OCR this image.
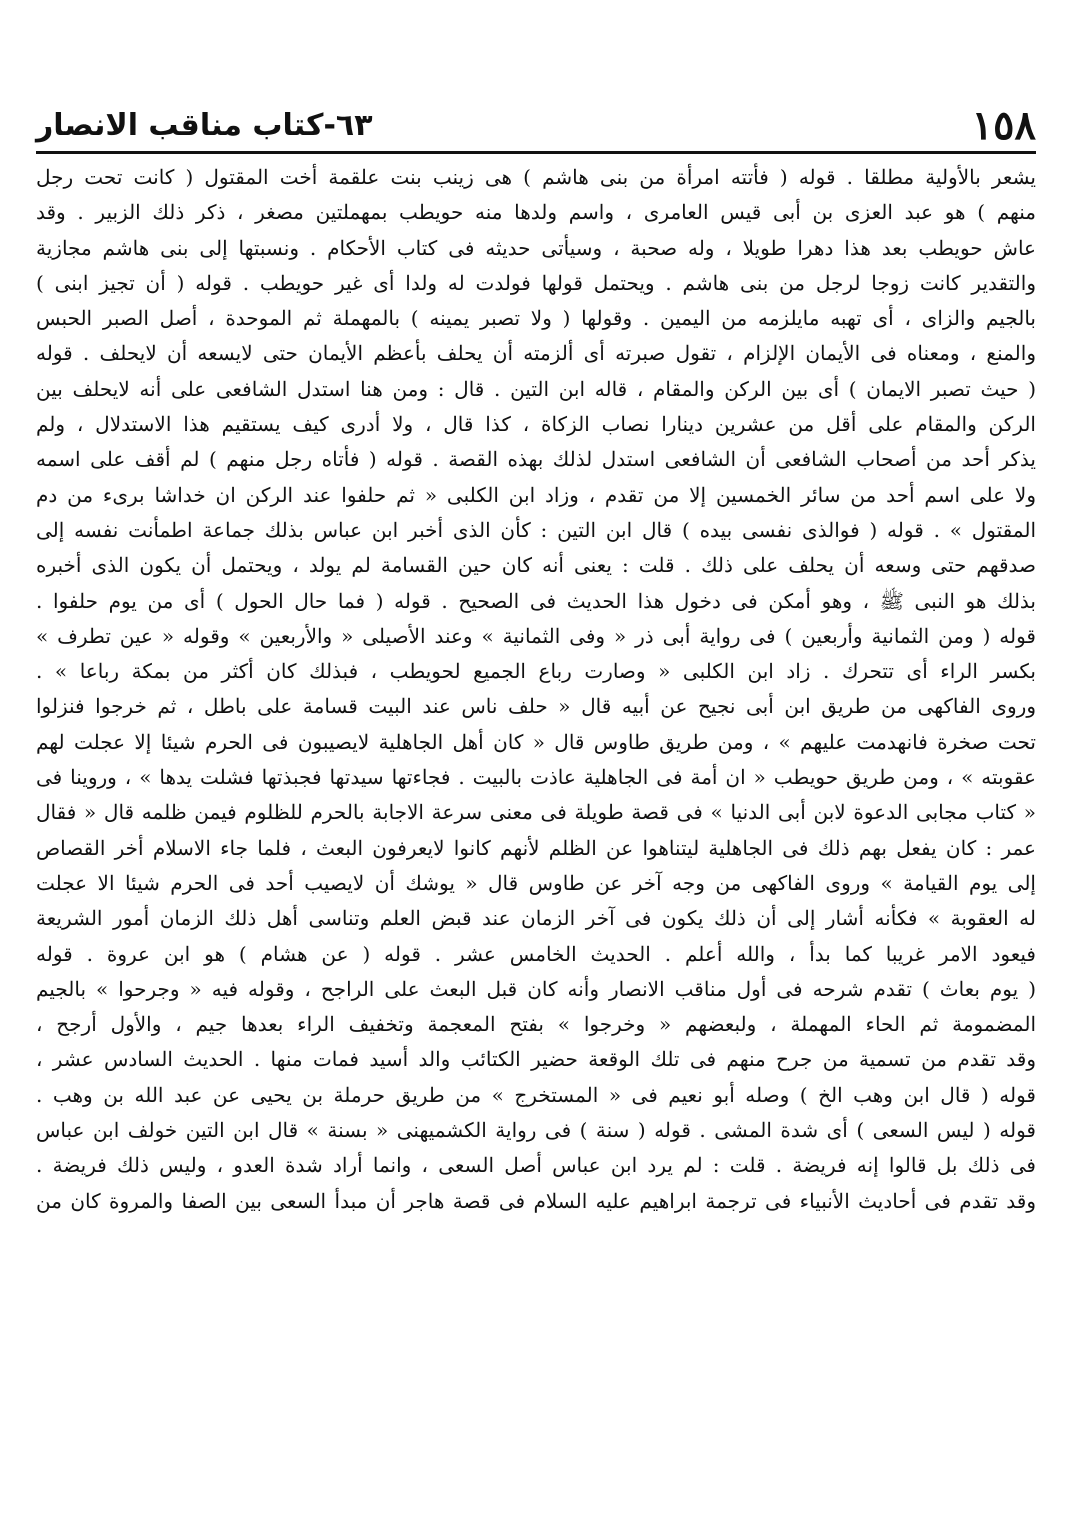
١٥٨
٦٣-كتاب مناقب الانصار
يشعر بالأولية مطلقا . قوله ( فأتته امرأة من بنى هاشم ) هى زينب بنت علقمة أخت المقتول ( كانت تحت رجل
منهم ) هو عبد العزى بن أبى قيس العامرى ، واسم ولدها منه حويطب بمهملتين مصغر ، ذكر ذلك الزبير . وقد
عاش حويطب بعد هذا دهرا طويلا ، وله صحبة ، وسيأتى حديثه فى كتاب الأحكام . ونسبتها إلى بنى هاشم مجازية
والتقدير كانت زوجا لرجل من بنى هاشم . ويحتمل قولها فولدت له ولدا أى غير حويطب . قوله ( أن تجيز ابنى )
بالجيم والزاى ، أى تهبه مايلزمه من اليمين . وقولها ( ولا تصبر يمينه ) بالمهملة ثم الموحدة ، أصل الصبر الحبس
والمنع ، ومعناه فى الأيمان الإلزام ، تقول صبرته أى ألزمته أن يحلف بأعظم الأيمان حتى لايسعه أن لايحلف . قوله
( حيث تصبر الايمان ) أى بين الركن والمقام ، قاله ابن التين . قال : ومن هنا استدل الشافعى على أنه لايحلف بين
الركن والمقام على أقل من عشرين دينارا نصاب الزكاة ، كذا قال ، ولا أدرى كيف يستقيم هذا الاستدلال ، ولم
يذكر أحد من أصحاب الشافعى أن الشافعى استدل لذلك بهذه القصة . قوله ( فأتاه رجل منهم ) لم أقف على اسمه
ولا على اسم أحد من سائر الخمسين إلا من تقدم ، وزاد ابن الكلبى « ثم حلفوا عند الركن ان خداشا برىء من دم
المقتول » . قوله ( فوالذى نفسى بيده ) قال ابن التين : كأن الذى أخبر ابن عباس بذلك جماعة اطمأنت نفسه إلى
صدقهم حتى وسعه أن يحلف على ذلك . قلت : يعنى أنه كان حين القسامة لم يولد ، ويحتمل أن يكون الذى أخبره
بذلك هو النبى ﷺ ، وهو أمكن فى دخول هذا الحديث فى الصحيح . قوله ( فما حال الحول ) أى من يوم حلفوا .
قوله ( ومن الثمانية وأربعين ) فى رواية أبى ذر « وفى الثمانية » وعند الأصيلى « والأربعين » وقوله « عين تطرف »
بكسر الراء أى تتحرك . زاد ابن الكلبى « وصارت رباع الجميع لحويطب ، فبذلك كان أكثر من بمكة رباعا » .
وروى الفاكهى من طريق ابن أبى نجيح عن أبيه قال « حلف ناس عند البيت قسامة على باطل ، ثم خرجوا فنزلوا
تحت صخرة فانهدمت عليهم » ، ومن طريق طاوس قال « كان أهل الجاهلية لايصيبون فى الحرم شيئا إلا عجلت لهم
عقوبته » ، ومن طريق حويطب « ان أمة فى الجاهلية عاذت بالبيت . فجاءتها سيدتها فجبذتها فشلت يدها » ، وروينا فى
« كتاب مجابى الدعوة لابن أبى الدنيا » فى قصة طويلة فى معنى سرعة الاجابة بالحرم للظلوم فيمن ظلمه قال « فقال
عمر : كان يفعل بهم ذلك فى الجاهلية ليتناهوا عن الظلم لأنهم كانوا لايعرفون البعث ، فلما جاء الاسلام أخر القصاص
إلى يوم القيامة » وروى الفاكهى من وجه آخر عن طاوس قال « يوشك أن لايصيب أحد فى الحرم شيئا الا عجلت
له العقوبة » فكأنه أشار إلى أن ذلك يكون فى آخر الزمان عند قبض العلم وتناسى أهل ذلك الزمان أمور الشريعة
فيعود الامر غريبا كما بدأ ، والله أعلم . الحديث الخامس عشر . قوله ( عن هشام ) هو ابن عروة . قوله
( يوم بعاث ) تقدم شرحه فى أول مناقب الانصار وأنه كان قبل البعث على الراجح ، وقوله فيه « وجرحوا » بالجيم
المضمومة ثم الحاء المهملة ، ولبعضهم « وخرجوا » بفتح المعجمة وتخفيف الراء بعدها جيم ، والأول أرجح ،
وقد تقدم من تسمية من جرح منهم فى تلك الوقعة حضير الكتائب والد أسيد فمات منها . الحديث السادس عشر ،
قوله ( قال ابن وهب الخ ) وصله أبو نعيم فى « المستخرج » من طريق حرملة بن يحيى عن عبد الله بن وهب .
قوله ( ليس السعى ) أى شدة المشى . قوله ( سنة ) فى رواية الكشميهنى « بسنة » قال ابن التين خولف ابن عباس
فى ذلك بل قالوا إنه فريضة . قلت : لم يرد ابن عباس أصل السعى ، وانما أراد شدة العدو ، وليس ذلك فريضة .
وقد تقدم فى أحاديث الأنبياء فى ترجمة ابراهيم عليه السلام فى قصة هاجر أن مبدأ السعى بين الصفا والمروة كان من
